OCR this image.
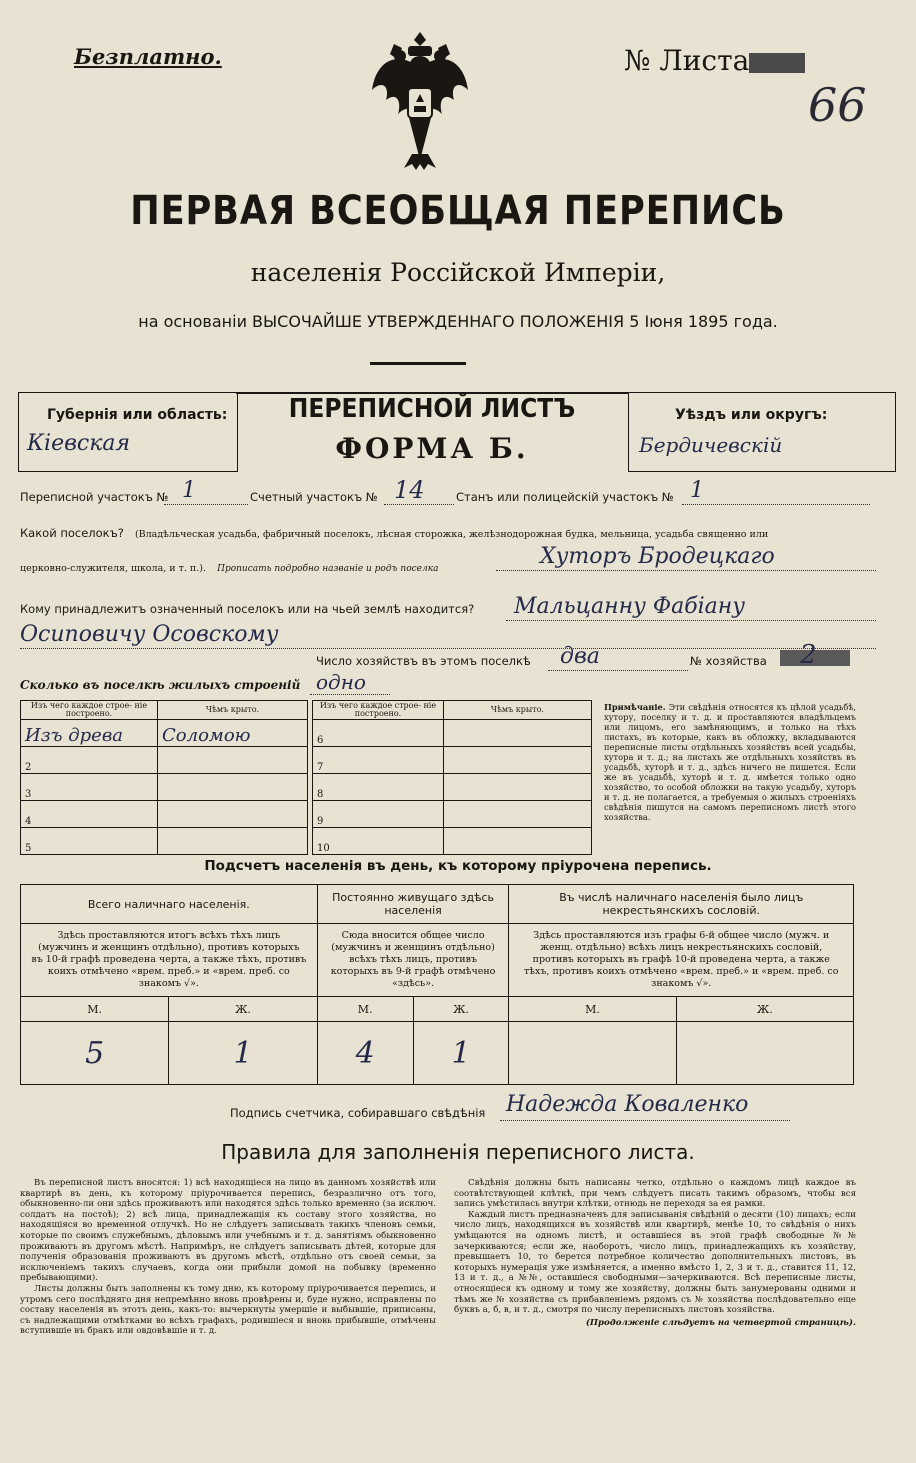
Безплатно.	№ Листа
66
ПЕРВАЯ ВСЕОБЩАЯ ПЕРЕПИСЬ
населенія Россійской Имперіи,
на основаніи ВЫСОЧАЙШЕ УТВЕРЖДЕННАГО ПОЛОЖЕНІЯ 5 Іюня 1895 года.
Губернія или область:
Кіевская
ПЕРЕПИСНОЙ ЛИСТЪ
ФОРМА Б.
Уѣздъ или округъ:
Бердичевскій
Переписной участокъ № 1	Счетный участокъ № 14	Станъ или полицейскій участокъ № 1
Какой поселокъ? (Владѣльческая усадьба, фабричный поселокъ, лѣсная сторожка, желѣзнодорожная будка, мельница, усадьба священно или
церковно-служителя, школа, и т. п.). Прописать подробно названіе и родъ поселка	Хуторъ Бродецкаго
Кому принадлежитъ означенный поселокъ или на чьей землѣ находится? Мальцанну Фабіану
Осиповичу Осовскому
Число хозяйствъ въ этомъ поселкѣ два	№ хозяйства 2
Сколько въ поселкѣ жилыхъ строеній одно
Изъ чего каждое строе- ніе построено.	Чѣмъ крыто.
Изъ древа	Соломою
2	
3	
4	
5	
Изъ чего каждое строе- ніе построено.	Чѣмъ крыто.
6	
7	
8	
9	
10	
Примѣчаніе. Эти свѣдѣнія относятся къ цѣлой усадьбѣ, хутору, поселку и т. д. и проставляются владѣльцемъ или лицомъ, его замѣняющимъ, и только на тѣхъ листахъ, въ которые, какъ въ обложку, вкладываются переписные листы отдѣльныхъ хозяйствъ всей усадьбы, хутора и т. д.; на листахъ же отдѣльныхъ хозяйствъ въ усадьбѣ, хуторѣ и т. д., здѣсь ничего не пишется. Если же въ усадьбѣ, хуторѣ и т. д. имѣется только одно хозяйство, то особой обложки на такую усадьбу, хуторъ и т. д. не полагается, а требуемыя о жилыхъ строеніяхъ свѣдѣнія пишутся на самомъ переписномъ листѣ этого хозяйства.
Подсчетъ населенія въ день, къ которому пріурочена перепись.
Всего наличнаго населенія.		Постоянно живущаго здѣсь населенія		Въ числѣ наличнаго населенія было лицъ некрестьянскихъ сословій.	
Здѣсь проставляются итогъ всѣхъ тѣхъ лицъ (мужчинъ и женщинъ отдѣльно), противъ которыхъ въ 10-й графѣ проведена черта, а также тѣхъ, противъ коихъ отмѣчено «врем. преб.» и «врем. преб. со знакомъ √».		Сюда вносится общее число (мужчинъ и женщинъ отдѣльно) всѣхъ тѣхъ лицъ, противъ которыхъ въ 9-й графѣ отмѣчено «здѣсь».		Здѣсь проставляются изъ графы 6-й общее число (мужч. и женщ. отдѣльно) всѣхъ лицъ некрестьянскихъ сословій, противъ которыхъ въ графѣ 10-й проведена черта, а также тѣхъ, противъ коихъ отмѣчено «врем. преб.» и «врем. преб. со знакомъ √».	
М.	Ж.	М.	Ж.	М.	Ж.
5	1	4	1		
Подпись счетчика, собиравшаго свѣдѣнія Надежда Коваленко
Правила для заполненія переписного листа.
Въ переписной листъ вносятся: 1) всѣ находящіеся на лицо въ данномъ хозяйствѣ или квартирѣ въ день, къ которому пріурочивается перепись, безразлично отъ того, обыкновенно-ли они здѣсь проживаютъ или находятся здѣсь только временно (за исключ. солдатъ на постоѣ); 2) всѣ лица, принадлежащія къ составу этого хозяйства, но находящіяся во временной отлучкѣ. Но не слѣдуетъ записывать такихъ членовъ семьи, которые по своимъ служебнымъ, дѣловымъ или учебнымъ и т. д. занятіямъ обыкновенно проживаютъ въ другомъ мѣстѣ. Напримѣръ, не слѣдуетъ записывать дѣтей, которые для полученія образованія проживаютъ въ другомъ мѣстѣ, отдѣльно отъ своей семьи, за исключеніемъ такихъ случаевъ, когда они прибыли домой на побывку (временно пребывающими).
Листы должны быть заполнены къ тому дню, къ которому пріурочивается перепись, и утромъ сего послѣдняго дня непремѣнно вновь провѣрены и, буде нужно, исправлены по составу населенія въ этотъ день, какъ-то: вычеркнуты умершіе и выбывшіе, приписаны, съ надлежащими отмѣтками во всѣхъ графахъ, родившіеся и вновь прибывшіе, отмѣчены вступившіе въ бракъ или овдовѣвшіе и т. д.
Свѣдѣнія должны быть написаны четко, отдѣльно о каждомъ лицѣ каждое въ соотвѣтствующей клѣткѣ, при чемъ слѣдуетъ писать такимъ образомъ, чтобы вся запись умѣстилась внутри клѣтки, отнюдь не переходя за ея рамки.
Каждый листъ предназначенъ для записыванія свѣдѣній о десяти (10) лицахъ; если число лицъ, находящихся въ хозяйствѣ или квартирѣ, менѣе 10, то свѣдѣнія о нихъ умѣщаются на одномъ листѣ, и оставшіеся въ этой графѣ свободные №№ зачеркиваются; если же, наоборотъ, число лицъ, принадлежащихъ къ хозяйству, превышаетъ 10, то берется потребное количество дополнительныхъ листовъ, въ которыхъ нумерація уже измѣняется, а именно вмѣсто 1, 2, 3 и т. д., ставится 11, 12, 13 и т. д., а №№, оставшіеся свободными—зачеркиваются. Всѣ переписные листы, относящіеся къ одному и тому же хозяйству, должны быть занумерованы одними и тѣмъ же № хозяйства съ прибавленіемъ рядомъ съ № хозяйства послѣдовательно еще буквъ а, б, в, и т. д., смотря по числу переписныхъ листовъ хозяйства.
(Продолженіе слѣдуетъ на четвертой страницѣ).
